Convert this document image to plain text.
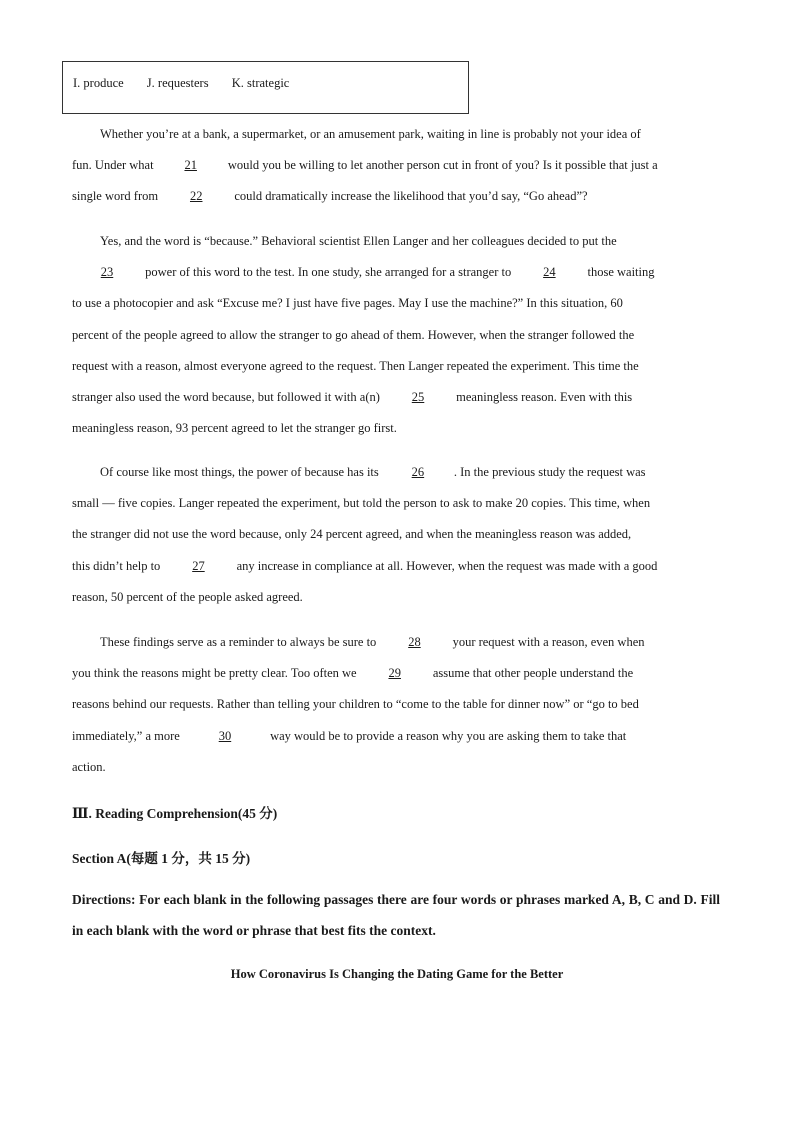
I. produce J. requesters K. strategic
Whether you’re at a bank, a supermarket, or an amusement park, waiting in line is probably not your idea of
fun. Under what 21 would you be willing to let another person cut in front of you? Is it possible that just a
single word from 22 could dramatically increase the likelihood that you’d say, “Go ahead”?
Yes, and the word is “because.” Behavioral scientist Ellen Langer and her colleagues decided to put the
23 power of this word to the test. In one study, she arranged for a stranger to 24 those waiting
to use a photocopier and ask “Excuse me? I just have five pages. May I use the machine?” In this situation, 60
percent of the people agreed to allow the stranger to go ahead of them. However, when the stranger followed the
request with a reason, almost everyone agreed to the request. Then Langer repeated the experiment. This time the
stranger also used the word because, but followed it with a(n) 25 meaningless reason. Even with this
meaningless reason, 93 percent agreed to let the stranger go first.
Of course like most things, the power of because has its 26 . In the previous study the request was
small — five copies. Langer repeated the experiment, but told the person to ask to make 20 copies. This time, when
the stranger did not use the word because, only 24 percent agreed, and when the meaningless reason was added,
this didn’t help to 27 any increase in compliance at all. However, when the request was made with a good
reason, 50 percent of the people asked agreed.
These findings serve as a reminder to always be sure to 28 your request with a reason, even when
you think the reasons might be pretty clear. Too often we 29 assume that other people understand the
reasons behind our requests. Rather than telling your children to “come to the table for dinner now” or “go to bed
immediately,” a more	30	way would be to provide a reason why you are asking them to take that
action.
Ⅲ. Reading Comprehension(45 分)
Section A(每题 1 分，共 15 分)
Directions: For each blank in the following passages there are four words or phrases marked A, B, C and D. Fill in each blank with the word or phrase that best fits the context.
How Coronavirus Is Changing the Dating Game for the Better
